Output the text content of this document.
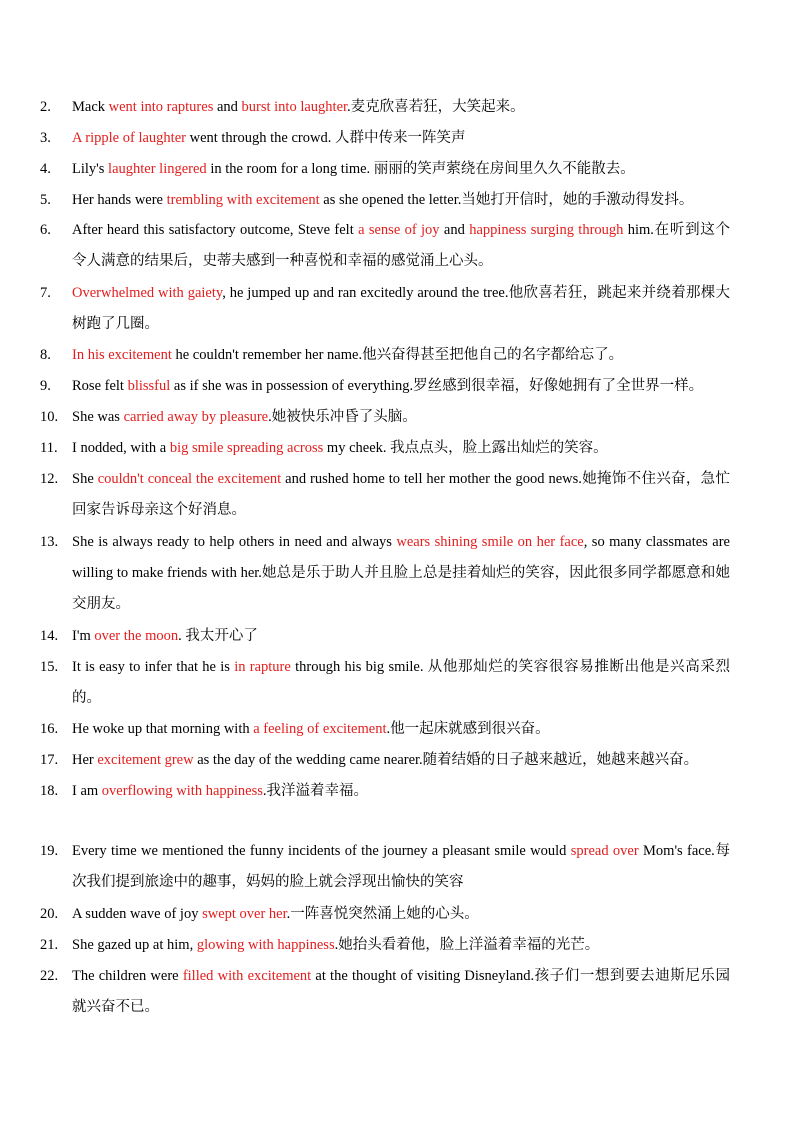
2.	Mack went into raptures and burst into laughter.麦克欣喜若狂，大笑起来。

3.	A ripple of laughter went through the crowd. 人群中传来一阵笑声

4.	Lily's laughter lingered in the room for a long time. 丽丽的笑声萦绕在房间里久久不能散去。

5.	Her hands were trembling with excitement as she opened the letter.当她打开信时，她的手激动得发抖。

6.	After heard this satisfactory outcome, Steve felt a sense of joy and happiness surging through him.在听到这个令人满意的结果后，史蒂夫感到一种喜悦和幸福的感觉涌上心头。

7.	Overwhelmed with gaiety, he jumped up and ran excitedly around the tree.他欣喜若狂，跳起来并绕着那棵大树跑了几圈。

8.	In his excitement he couldn't remember her name.他兴奋得甚至把他自己的名字都给忘了。

9.	Rose felt blissful as if she was in possession of everything.罗丝感到很幸福，好像她拥有了全世界一样。

10. She was carried away by pleasure.她被快乐冲昏了头脑。

11. I nodded, with a big smile spreading across my cheek. 我点点头，脸上露出灿烂的笑容。

12. She couldn't conceal the excitement and rushed home to tell her mother the good news.她掩饰不住兴奋，急忙回家告诉母亲这个好消息。

13. She is always ready to help others in need and always wears shining smile on her face, so many classmates are willing to make friends with her.她总是乐于助人并且脸上总是挂着灿烂的笑容，因此很多同学都愿意和她交朋友。

14. I'm over the moon. 我太开心了

15. It is easy to infer that he is in rapture through his big smile. 从他那灿烂的笑容很容易推断出他是兴高采烈的。

16. He woke up that morning with a feeling of excitement.他一起床就感到很兴奋。

17. Her excitement grew as the day of the wedding came nearer.随着结婚的日子越来越近，她越来越兴奋。

18. I am overflowing with happiness.我洋溢着幸福。

19. Every time we mentioned the funny incidents of the journey a pleasant smile would spread over Mom's face.每次我们提到旅途中的趣事，妈妈的脸上就会浮现出愉快的笑容

20. A sudden wave of joy swept over her.一阵喜悦突然涌上她的心头。

21. She gazed up at him, glowing with happiness.她抬头看着他，脸上洋溢着幸福的光芒。

22. The children were filled with excitement at the thought of visiting Disneyland.孩子们一想到要去迪斯尼乐园就兴奋不已。
